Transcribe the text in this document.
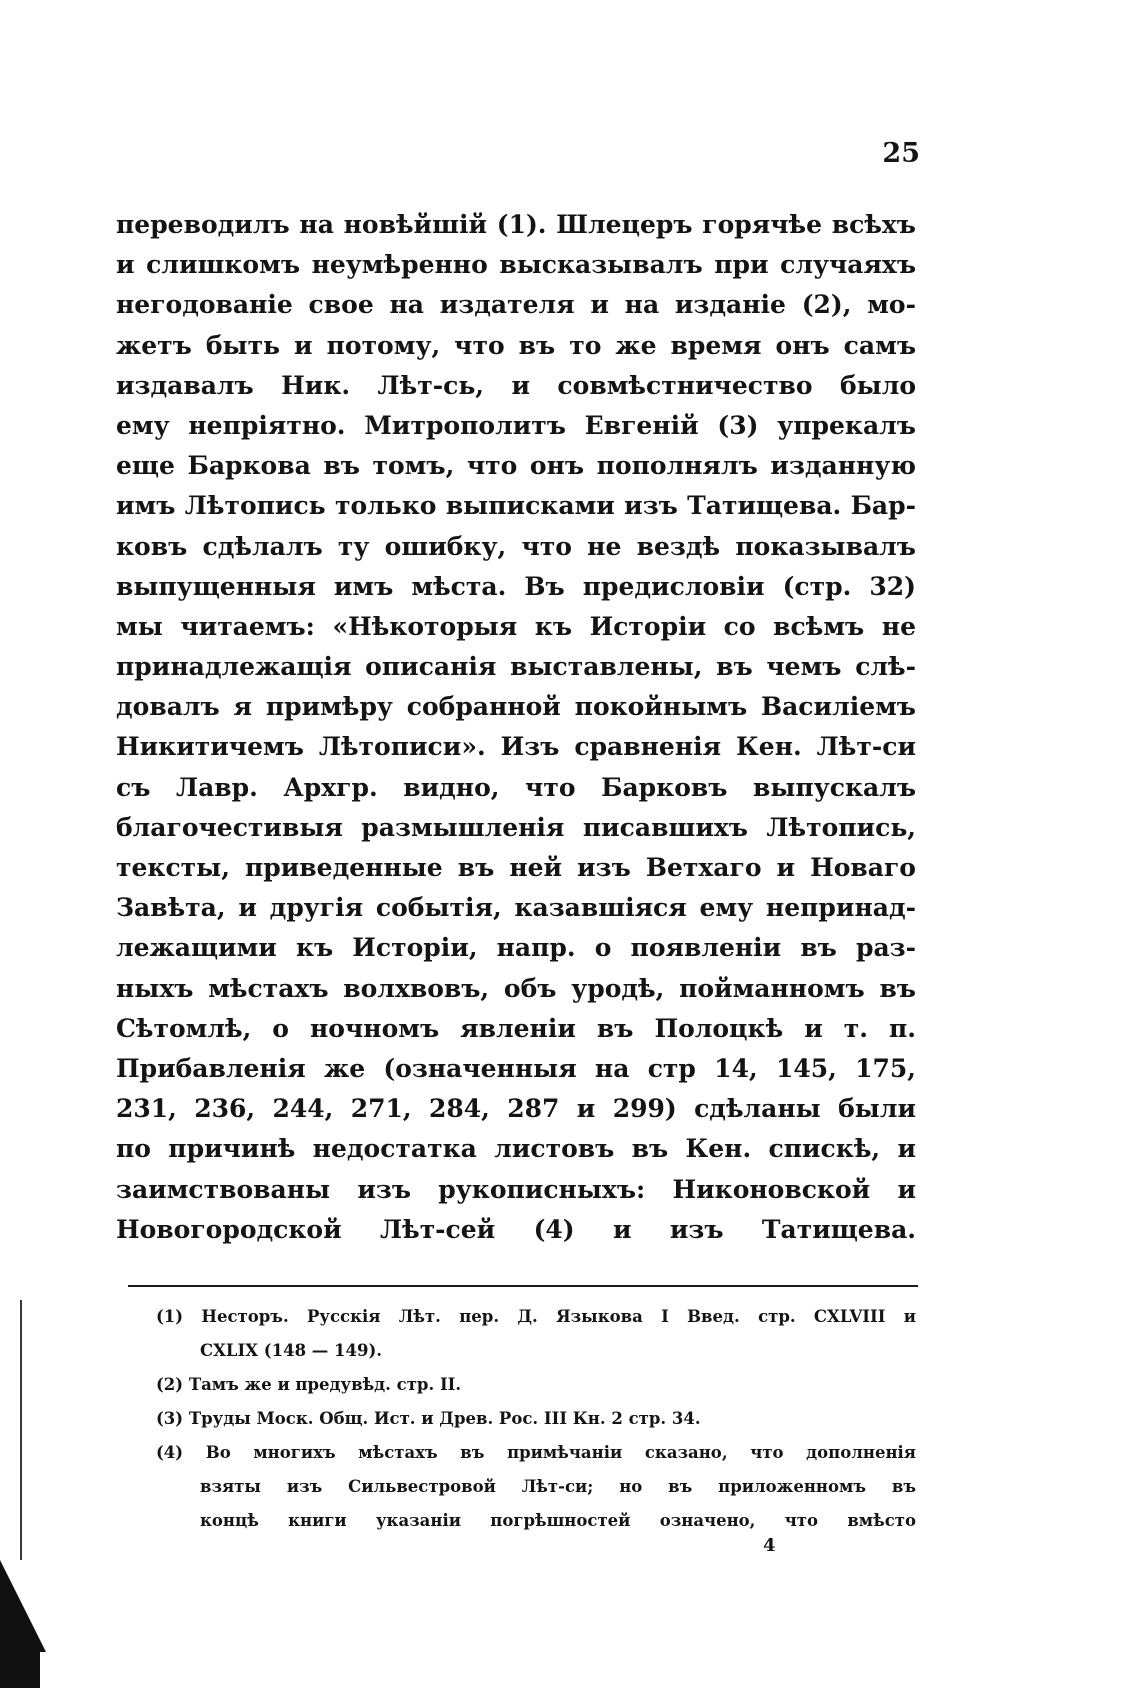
25
переводилъ на новѣйшій (1). Шлецеръ горячѣе всѣхъ
и слишкомъ неумѣренно высказывалъ при случаяхъ
негодованіе свое на издателя и на изданіе (2), мо-
жетъ быть и потому, что въ то же время онъ самъ
издавалъ Ник. Лѣт-сь, и совмѣстничество было
ему непріятно. Митрополитъ Евгеній (3) упрекалъ
еще Баркова въ томъ, что онъ пополнялъ изданную
имъ Лѣтопись только выписками изъ Татищева. Бар-
ковъ сдѣлалъ ту ошибку, что не вездѣ показывалъ
выпущенныя имъ мѣста. Въ предисловіи (стр. 32)
мы читаемъ: «Нѣкоторыя къ Исторіи со всѣмъ не
принадлежащія описанія выставлены, въ чемъ слѣ-
довалъ я примѣру собранной покойнымъ Василіемъ
Никитичемъ Лѣтописи». Изъ сравненія Кен. Лѣт-си
съ Лавр. Архгр. видно, что Барковъ выпускалъ
благочестивыя размышленія писавшихъ Лѣтопись,
тексты, приведенные въ ней изъ Ветхаго и Новаго
Завѣта, и другія событія, казавшіяся ему непринад-
лежащими къ Исторіи, напр. о появленіи въ раз-
ныхъ мѣстахъ волхвовъ, объ уродѣ, пойманномъ въ
Сѣтомлѣ, о ночномъ явленіи въ Полоцкѣ и т. п.
Прибавленія же (означенныя на стр 14, 145, 175,
231, 236, 244, 271, 284, 287 и 299) сдѣланы были
по причинѣ недостатка листовъ въ Кен. спискѣ, и
заимствованы изъ рукописныхъ: Никоновской и
Новогородской Лѣт-сей (4) и изъ Татищева.
(1) Несторъ. Русскія Лѣт. пер. Д. Языкова I Введ. стр. CXLVIII и
CXLIX (148 — 149).
(2) Тамъ же и предувѣд. стр. II.
(3) Труды Моск. Общ. Ист. и Древ. Рос. III Кн. 2 стр. 34.
(4) Во многихъ мѣстахъ въ примѣчаніи сказано, что дополненія
взяты изъ Сильвестровой Лѣт-си; но въ приложенномъ въ
концѣ книги указаніи погрѣшностей означено, что вмѣсто
4
